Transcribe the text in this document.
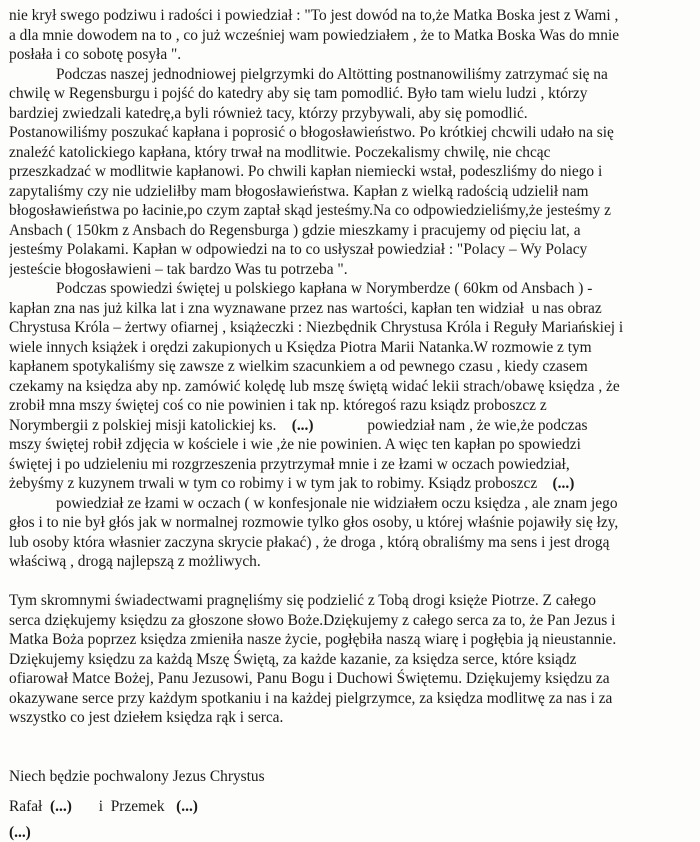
nie krył swego podziwu i radości i powiedział : "To jest dowód na to,że Matka Boska jest z Wami ,
a dla mnie dowodem na to , co już wcześniej wam powiedziałem , że to Matka Boska Was do mnie
posłała i co sobotę posyła ".
Podczas naszej jednodniowej pielgrzymki do Altötting postnanowiliśmy zatrzymać się na
chwilę w Regensburgu i pojść do katedry aby się tam pomodlić. Było tam wielu ludzi , którzy
bardziej zwiedzali katedrę,a byli również tacy, którzy przybywali, aby się pomodlić.
Postanowiliśmy poszukać kapłana i poprosić o błogosławieństwo. Po krótkiej chcwili udało na się
znaleźć katolickiego kapłana, który trwał na modlitwie. Poczekalismy chwilę, nie chcąc
przeszkadzać w modlitwie kapłanowi. Po chwili kapłan niemiecki wstał, podeszliśmy do niego i
zapytaliśmy czy nie udzieliłby mam błogosławieństwa. Kapłan z wielką radością udzielił nam
błogosławieństwa po łacinie,po czym zaptał skąd jesteśmy.Na co odpowiedzieliśmy,że jesteśmy z
Ansbach ( 150km z Ansbach do Regensburga ) gdzie mieszkamy i pracujemy od pięciu lat, a
jesteśmy Polakami. Kapłan w odpowiedzi na to co usłyszał powiedział : "Polacy – Wy Polacy
jesteście błogosławieni – tak bardzo Was tu potrzeba ".
Podczas spowiedzi świętej u polskiego kapłana w Norymberdze ( 60km od Ansbach ) -
kapłan zna nas już kilka lat i zna wyznawane przez nas wartości, kapłan ten widział  u nas obraz
Chrystusa Króla – żertwy ofiarnej , książeczki : Niezbędnik Chrystusa Króla i Reguły Mariańskiej i
wiele innych książek i orędzi zakupionych u Księdza Piotra Marii Natanka.W rozmowie z tym
kapłanem spotykaliśmy się zawsze z wielkim szacunkiem a od pewnego czasu , kiedy czasem
czekamy na księdza aby np. zamówić kolędę lub mszę świętą widać lekii strach/obawę księdza , że
zrobił mna mszy świętej coś co nie powinien i tak np. któregoś razu ksiądz proboszcz z
Norymbergii z polskiej misji katolickiej ks.    (...)              powiedział nam , że wie,że podczas
mszy świętej robił zdjęcia w kościele i wie ,że nie powinien. A więc ten kapłan po spowiedzi
świętej i po udzieleniu mi rozgrzeszenia przytrzymał mnie i ze łzami w oczach powiedział,
żebyśmy z kuzynem trwali w tym co robimy i w tym jak to robimy. Ksiądz proboszcz    (...)
powiedział ze łzami w oczach ( w konfesjonale nie widziałem oczu księdza , ale znam jego
głos i to nie był głós jak w normalnej rozmowie tylko głos osoby, u której właśnie pojawiły się łzy,
lub osoby która własnier zaczyna skrycie płakać) , że droga , którą obraliśmy ma sens i jest drogą
właściwą , drogą najlepszą z możliwych.
Tym skromnymi świadectwami pragnęliśmy się podzielić z Tobą drogi księże Piotrze. Z całego
serca dziękujemy księdzu za głoszone słowo Boże.Dziękujemy z całego serca za to, że Pan Jezus i
Matka Boża poprzez księdza zmieniła nasze życie, pogłębiła naszą wiarę i pogłębia ją nieustannie.
Dziękujemy księdzu za każdą Mszę Świętą, za każde kazanie, za księdza serce, które ksiądz
ofiarował Matce Bożej, Panu Jezusowi, Panu Bogu i Duchowi Świętemu. Dziękujemy księdzu za
okazywane serce przy każdym spotkaniu i na każdej pielgrzymce, za księdza modlitwę za nas i za
wszystko co jest dziełem księdza rąk i serca.
Niech będzie pochwalony Jezus Chrystus
Rafał  (...)       i  Przemek   (...)
(...)
